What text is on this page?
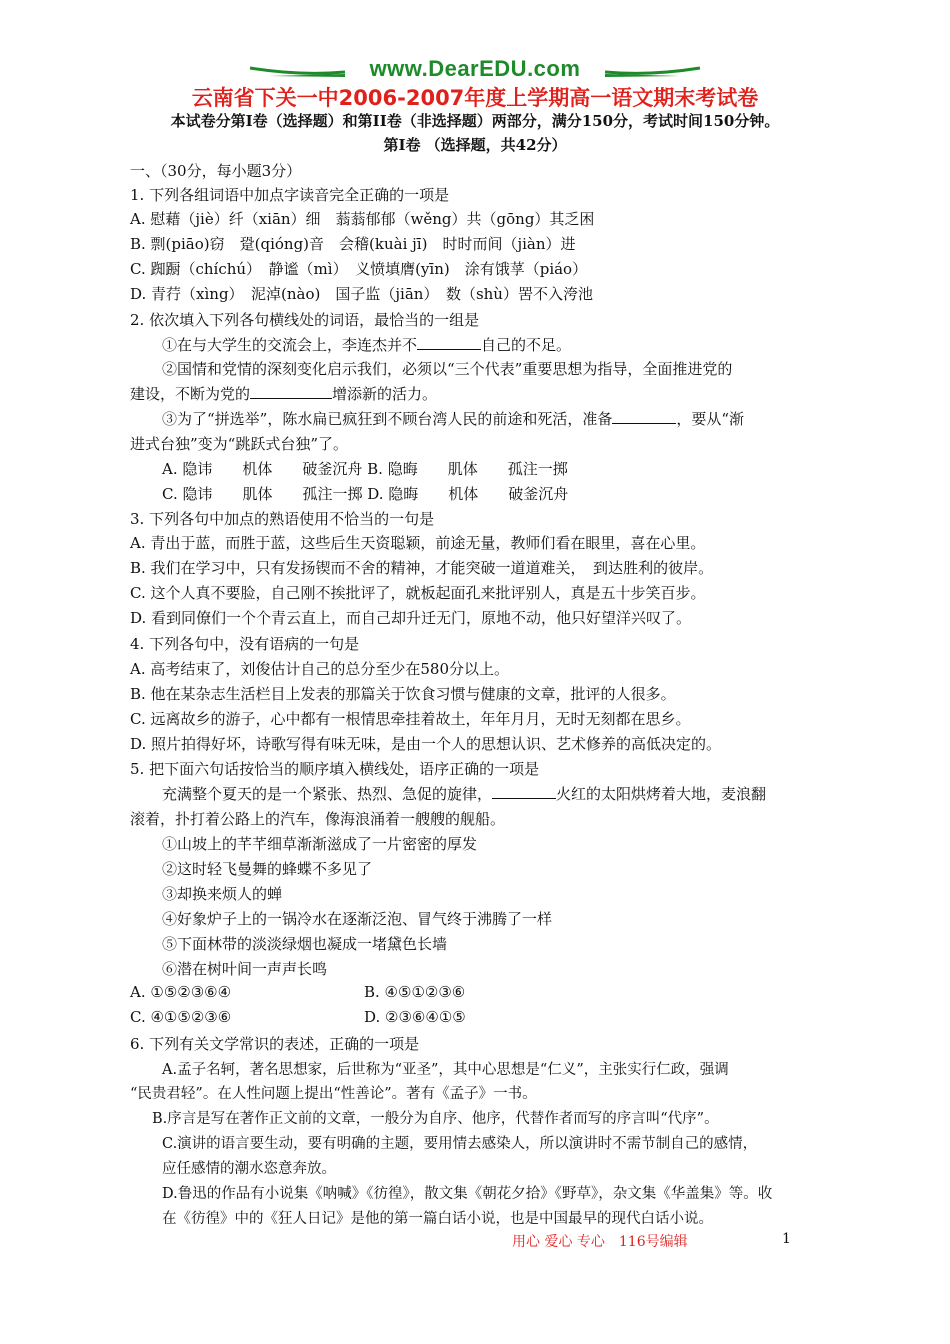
www.DearEDU.com
云南省下关一中2006-2007年度上学期高一语文期末考试卷
本试卷分第Ⅰ卷（选择题）和第II卷（非选择题）两部分，满分150分，考试时间150分钟。
第Ⅰ卷 （选择题，共42分）
一、（30分，每小题3分）
1. 下列各组词语中加点字读音完全正确的一项是
A. 慰藉（jiè）纤（xiān）细　蓊蓊郁郁（wěng）共（gōng）其乏困
B. 剽(piāo)窃　跫(qióng)音　会稽(kuài jī)　时时而间（jiàn）进
C. 踟蹰（chíchú）　静谧（mì）　义愤填膺(yīn)　涂有饿莩（piáo）
D. 青荇（xìng）　泥淖(nào)　国子监（jiān）　数（shù）罟不入洿池
2. 依次填入下列各句横线处的词语，最恰当的一组是
①在与大学生的交流会上，李连杰并不	自己的不足。
②国情和党情的深刻变化启示我们，必须以“三个代表”重要思想为指导，全面推进党的
建设，不断为党的	增添新的活力。
③为了“拼选举”，陈水扁已疯狂到不顾台湾人民的前途和死活，准备	，要从“渐
进式台独”变为“跳跃式台独”了。
A. 隐讳　　机体　　破釜沉舟 B. 隐晦　　肌体　　孤注一掷
C. 隐讳　　肌体　　孤注一掷 D. 隐晦　　机体　　破釜沉舟
3. 下列各句中加点的熟语使用不恰当的一句是
A. 青出于蓝，而胜于蓝，这些后生天资聪颖，前途无量，教师们看在眼里，喜在心里。
B. 我们在学习中，只有发扬锲而不舍的精神，才能突破一道道难关，　到达胜利的彼岸。
C. 这个人真不要脸，自己刚不挨批评了，就板起面孔来批评别人，真是五十步笑百步。
D. 看到同僚们一个个青云直上，而自己却升迁无门，原地不动，他只好望洋兴叹了。
4. 下列各句中，没有语病的一句是
A. 高考结束了，刘俊估计自己的总分至少在580分以上。
B. 他在某杂志生活栏目上发表的那篇关于饮食习惯与健康的文章，批评的人很多。
C. 远离故乡的游子，心中都有一根情思牵挂着故土，年年月月，无时无刻都在思乡。
D. 照片拍得好坏，诗歌写得有味无味，是由一个人的思想认识、艺术修养的高低决定的。
5. 把下面六句话按恰当的顺序填入横线处，语序正确的一项是
充满整个夏天的是一个紧张、热烈、急促的旋律，	火红的太阳烘烤着大地，麦浪翻
滚着，扑打着公路上的汽车，像海浪涌着一艘艘的舰船。
①山坡上的芊芊细草渐渐滋成了一片密密的厚发
②这时轻飞曼舞的蜂蝶不多见了
③却换来烦人的蝉
④好象炉子上的一锅冷水在逐渐泛泡、冒气终于沸腾了一样
⑤下面林带的淡淡绿烟也凝成一堵黛色长墙
⑥潜在树叶间一声声长鸣
A. ①⑤②③⑥④	B. ④⑤①②③⑥
C. ④①⑤②③⑥	D. ②③⑥④①⑤
6. 下列有关文学常识的表述，正确的一项是
A.孟子名轲，著名思想家，后世称为“亚圣”，其中心思想是“仁义”，主张实行仁政，强调
“民贵君轻”。在人性问题上提出“性善论”。著有《孟子》一书。
B.序言是写在著作正文前的文章，一般分为自序、他序，代替作者而写的序言叫“代序”。
C.演讲的语言要生动，要有明确的主题，要用情去感染人，所以演讲时不需节制自己的感情，
应任感情的潮水恣意奔放。
D.鲁迅的作品有小说集《呐喊》《彷徨》，散文集《朝花夕拾》《野草》，杂文集《华盖集》等。收
在《彷徨》中的《狂人日记》是他的第一篇白话小说，也是中国最早的现代白话小说。
用心 爱心 专心　116号编辑	1
